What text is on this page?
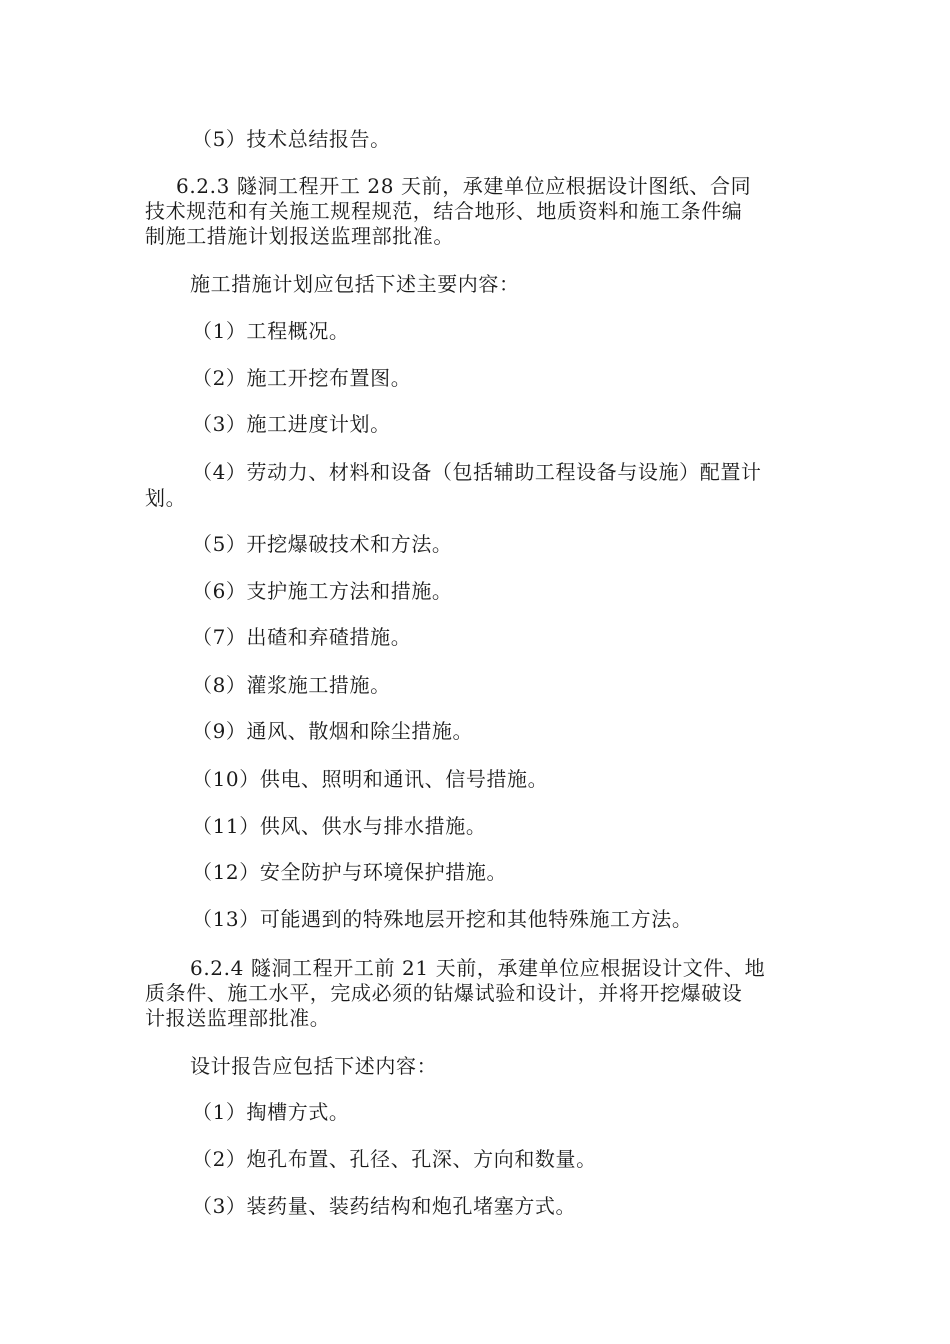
（5）技术总结报告。
6.2.3 隧洞工程开工 28 天前，承建单位应根据设计图纸、合同
技术规范和有关施工规程规范，结合地形、地质资料和施工条件编
制施工措施计划报送监理部批准。
施工措施计划应包括下述主要内容：
（1）工程概况。
（2）施工开挖布置图。
（3）施工进度计划。
（4）劳动力、材料和设备（包括辅助工程设备与设施）配置计
划。
（5）开挖爆破技术和方法。
（6）支护施工方法和措施。
（7）出碴和弃碴措施。
（8）灌浆施工措施。
（9）通风、散烟和除尘措施。
（10）供电、照明和通讯、信号措施。
（11）供风、供水与排水措施。
（12）安全防护与环境保护措施。
（13）可能遇到的特殊地层开挖和其他特殊施工方法。
6.2.4 隧洞工程开工前 21 天前，承建单位应根据设计文件、地
质条件、施工水平，完成必须的钻爆试验和设计，并将开挖爆破设
计报送监理部批准。
设计报告应包括下述内容：
（1）掏槽方式。
（2）炮孔布置、孔径、孔深、方向和数量。
（3）装药量、装药结构和炮孔堵塞方式。
